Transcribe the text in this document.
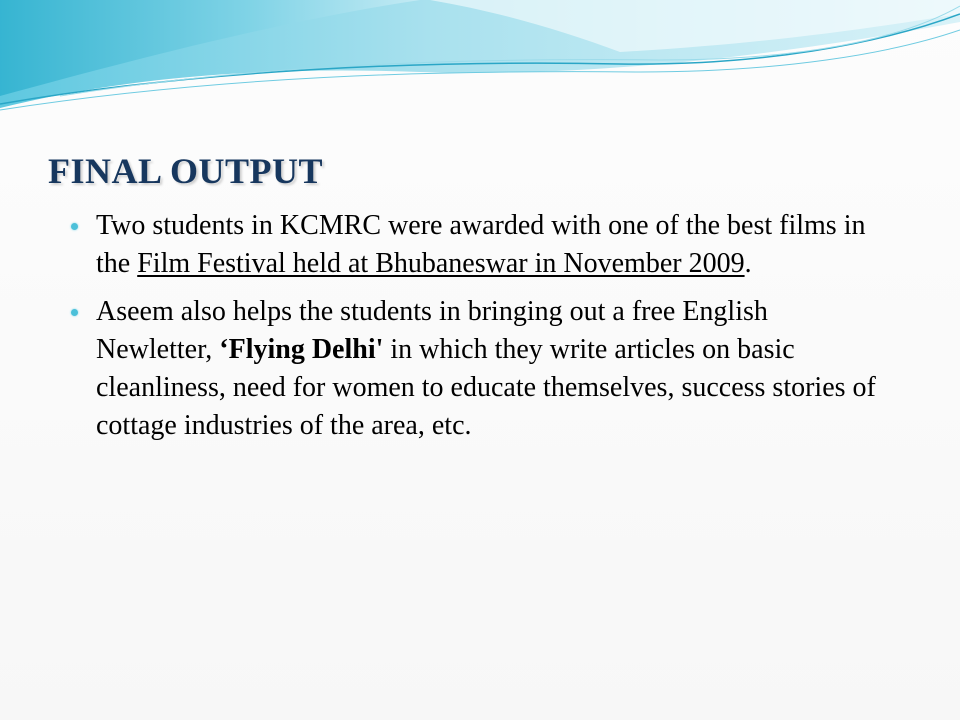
FINAL OUTPUT
Two students in KCMRC were awarded with one of the best films in the Film Festival held at Bhubaneswar in November 2009.
Aseem also helps the students in bringing out a free English Newletter, ‘Flying Delhi' in which they write articles on basic cleanliness, need for women to educate themselves, success stories of cottage industries of the area, etc.
